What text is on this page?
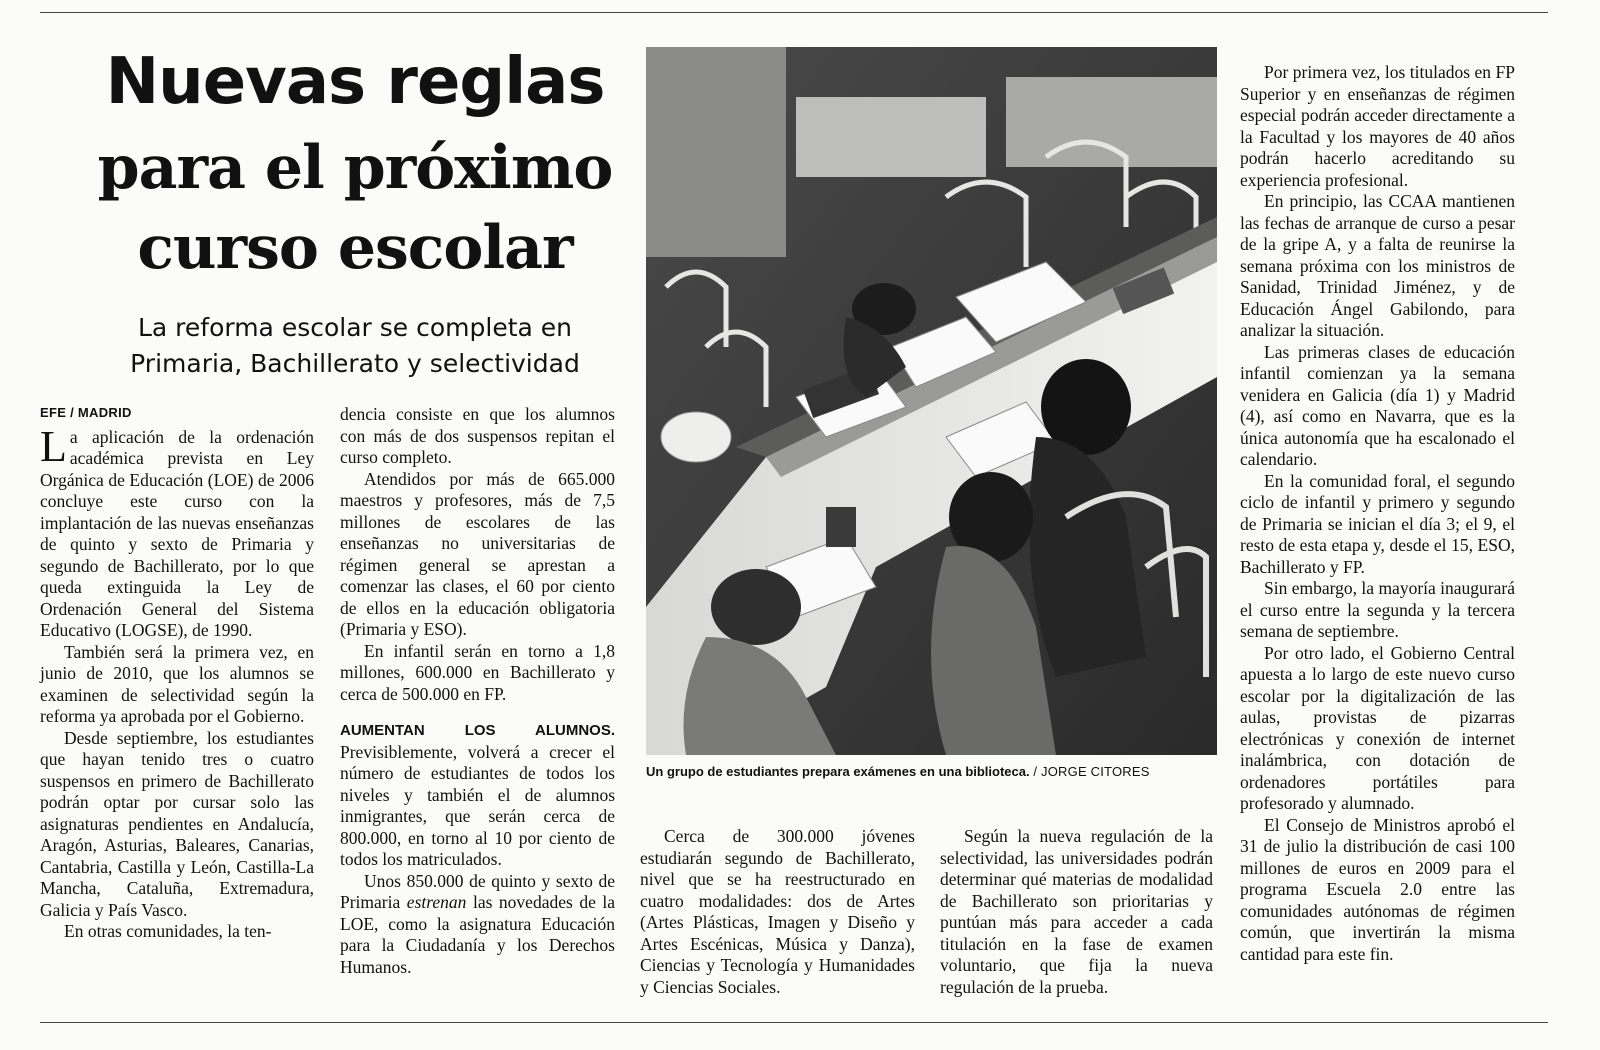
Nuevas reglas
para el próximo
curso escolar
La reforma escolar se completa en
Primaria, Bachillerato y selectividad
EFE / MADRID

La aplicación de la ordenación académica prevista en Ley Orgánica de Educación (LOE) de 2006 concluye este curso con la implantación de las nuevas enseñanzas de quinto y sexto de Primaria y segundo de Bachillerato, por lo que queda extinguida la Ley de Ordenación General del Sistema Educativo (LOGSE), de 1990.

También será la primera vez, en junio de 2010, que los alumnos se examinen de selectividad según la reforma ya aprobada por el Gobierno.

Desde septiembre, los estudiantes que hayan tenido tres o cuatro suspensos en primero de Bachillerato podrán optar por cursar solo las asignaturas pendientes en Andalucía, Aragón, Asturias, Baleares, Canarias, Cantabria, Castilla y León, Castilla-La Mancha, Cataluña, Extremadura, Galicia y País Vasco.

En otras comunidades, la ten-

dencia consiste en que los alumnos con más de dos suspensos repitan el curso completo.

Atendidos por más de 665.000 maestros y profesores, más de 7,5 millones de escolares de las enseñanzas no universitarias de régimen general se aprestan a comenzar las clases, el 60 por ciento de ellos en la educación obligatoria (Primaria y ESO).

En infantil serán en torno a 1,8 millones, 600.000 en Bachillerato y cerca de 500.000 en FP.

AUMENTAN LOS ALUMNOS. Previsiblemente, volverá a crecer el número de estudiantes de todos los niveles y también el de alumnos inmigrantes, que serán cerca de 800.000, en torno al 10 por ciento de todos los matriculados.

Unos 850.000 de quinto y sexto de Primaria estrenan las novedades de la LOE, como la asignatura Educación para la Ciudadanía y los Derechos Humanos.

Un grupo de estudiantes prepara exámenes en una biblioteca. / JORGE CITORES

Cerca de 300.000 jóvenes estudiarán segundo de Bachillerato, nivel que se ha reestructurado en cuatro modalidades: dos de Artes (Artes Plásticas, Imagen y Diseño y Artes Escénicas, Música y Danza), Ciencias y Tecnología y Humanidades y Ciencias Sociales.

Según la nueva regulación de la selectividad, las universidades podrán determinar qué materias de modalidad de Bachillerato son prioritarias y puntúan más para acceder a cada titulación en la fase de examen voluntario, que fija la nueva regulación de la prueba.

Por primera vez, los titulados en FP Superior y en enseñanzas de régimen especial podrán acceder directamente a la Facultad y los mayores de 40 años podrán hacerlo acreditando su experiencia profesional.

En principio, las CCAA mantienen las fechas de arranque de curso a pesar de la gripe A, y a falta de reunirse la semana próxima con los ministros de Sanidad, Trinidad Jiménez, y de Educación Ángel Gabilondo, para analizar la situación.

Las primeras clases de educación infantil comienzan ya la semana venidera en Galicia (día 1) y Madrid (4), así como en Navarra, que es la única autonomía que ha escalonado el calendario.

En la comunidad foral, el segundo ciclo de infantil y primero y segundo de Primaria se inician el día 3; el 9, el resto de esta etapa y, desde el 15, ESO, Bachillerato y FP.

Sin embargo, la mayoría inaugurará el curso entre la segunda y la tercera semana de septiembre.

Por otro lado, el Gobierno Central apuesta a lo largo de este nuevo curso escolar por la digitalización de las aulas, provistas de pizarras electrónicas y conexión de internet inalámbrica, con dotación de ordenadores portátiles para profesorado y alumnado.

El Consejo de Ministros aprobó el 31 de julio la distribución de casi 100 millones de euros en 2009 para el programa Escuela 2.0 entre las comunidades autónomas de régimen común, que invertirán la misma cantidad para este fin.
